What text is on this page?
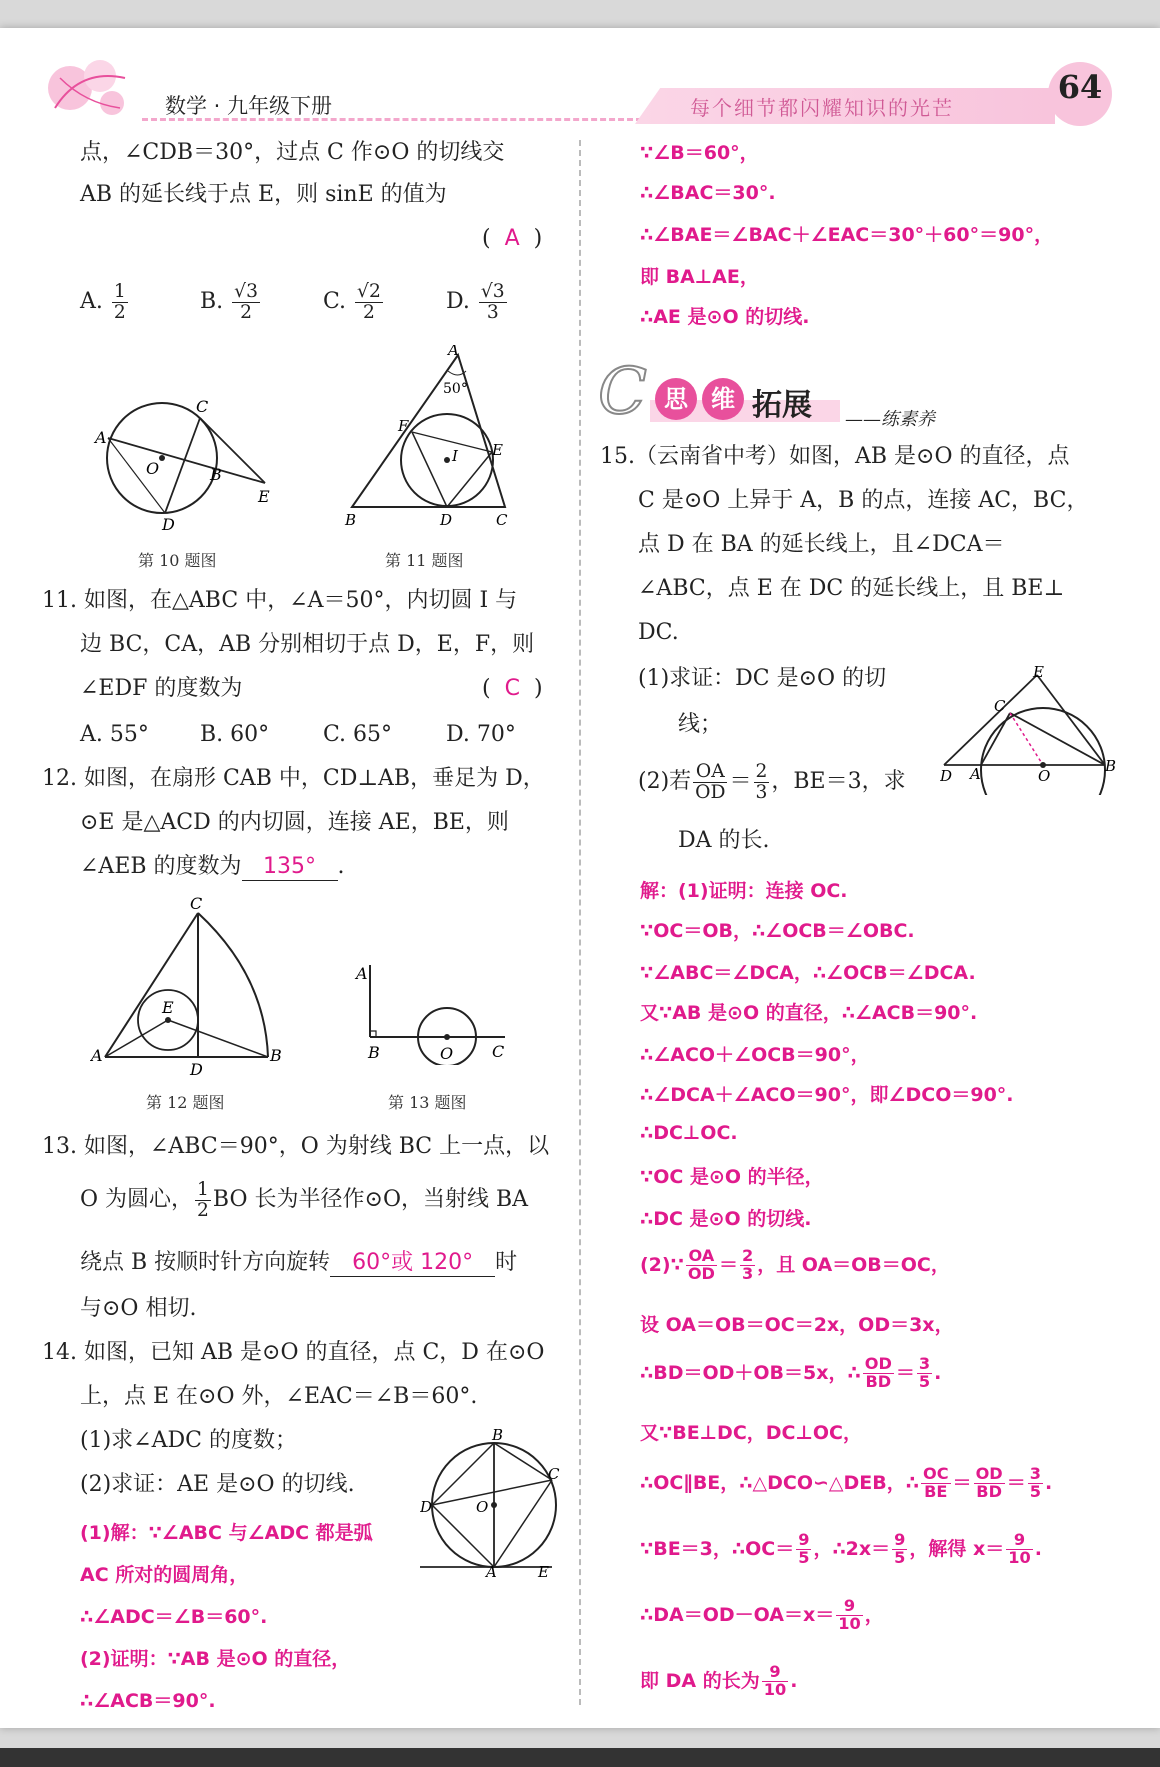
数学 · 九年级下册	每个细节都闪耀知识的光芒
64
点，∠CDB＝30°，过点 C 作⊙O 的切线交
AB 的延长线于点 E，则 sinE 的值为
( A )
A. $\frac{1}{2}$	B. $\frac{√3}{2}$	C. $\frac{√2}{2}$	D. $\frac{√3}{3}$
A
C
O	B
E
D
第 10 题图
A
50°
F
I E
B	D	C
第 11 题图
11. 如图，在△ABC 中，∠A＝50°，内切圆 I 与
边 BC，CA，AB 分别相切于点 D，E，F，则
∠EDF 的度数为	(  C  )
A. 55° B. 60° C. 65° D. 70°
12. 如图，在扇形 CAB 中，CD⊥AB，垂足为 D，
⊙E 是△ACD 的内切圆，连接 AE，BE，则
∠AEB 的度数为 135° .
C
E
A
D
B
第 12 题图
A
B	O C
第 13 题图
13. 如图，∠ABC＝90°，O 为射线 BC 上一点，以
O 为圆心， $\frac{1}{2}$ BO 长为半径作⊙O，当射线 BA
绕点 B 按顺时针方向旋转 60°或 120° 时
与⊙O 相切.
14. 如图，已知 AB 是⊙O 的直径，点 C，D 在⊙O
上，点 E 在⊙O 外，∠EAC＝∠B＝60°.
(1)求∠ADC 的度数；
(2)求证：AE 是⊙O 的切线.
(1)解：∵∠ABC 与∠ADC 都是弧
AC 所对的圆周角，
∴∠ADC＝∠B＝60°.
(2)证明：∵AB 是⊙O 的直径，
∴∠ACB＝90°.
B
C
D	O
A	E
∵∠B＝60°，
∴∠BAC＝30°.
∴∠BAE＝∠BAC＋∠EAC＝30°＋60°＝90°，
即 BA⊥AE，
∴AE 是⊙O 的切线.
C 思 维 拓展 ——练素养
15.（云南省中考）如图，AB 是⊙O 的直径，点
C 是⊙O 上异于 A，B 的点，连接 AC，BC，
点 D 在 BA 的延长线上，且∠DCA＝
∠ABC，点 E 在 DC 的延长线上，且 BE⊥
DC.
(1)求证：DC 是⊙O 的切
线；
(2)若 $\frac{OA}{OD} = \frac{2}{3}$ ，BE＝3，求
DA 的长.
E
C
D A	O
B
解：(1)证明：连接 OC.
∵OC＝OB，∴∠OCB＝∠OBC.
∵∠ABC＝∠DCA，∴∠OCB＝∠DCA.
又∵AB 是⊙O 的直径，∴∠ACB＝90°.
∴∠ACO＋∠OCB＝90°，
∴∠DCA＋∠ACO＝90°，即∠DCO＝90°.
∴DC⊥OC.
∵OC 是⊙O 的半径，
∴DC 是⊙O 的切线.
(2)∵ $\frac{OA}{OD} = \frac{2}{3}$ ，且 OA＝OB＝OC，
设 OA＝OB＝OC＝2x，OD＝3x，
∴BD＝OD＋OB＝5x，∴ $\frac{OD}{BD} = \frac{3}{5}$ .
又∵BE⊥DC，DC⊥OC，
∴OC∥BE，∴△DCO∽△DEB，∴ $\frac{OC}{BE} = \frac{OD}{BD} = \frac{3}{5}$ .
∵BE＝3，∴OC＝ $\frac{9}{5}$ ，∴2x＝ $\frac{9}{5}$ ，解得 $x= \frac{9}{10}$ .
∴DA＝OD－OA＝x＝ $\frac{9}{10}$ ，
即 DA 的长为 $\frac{9}{10}$ .
